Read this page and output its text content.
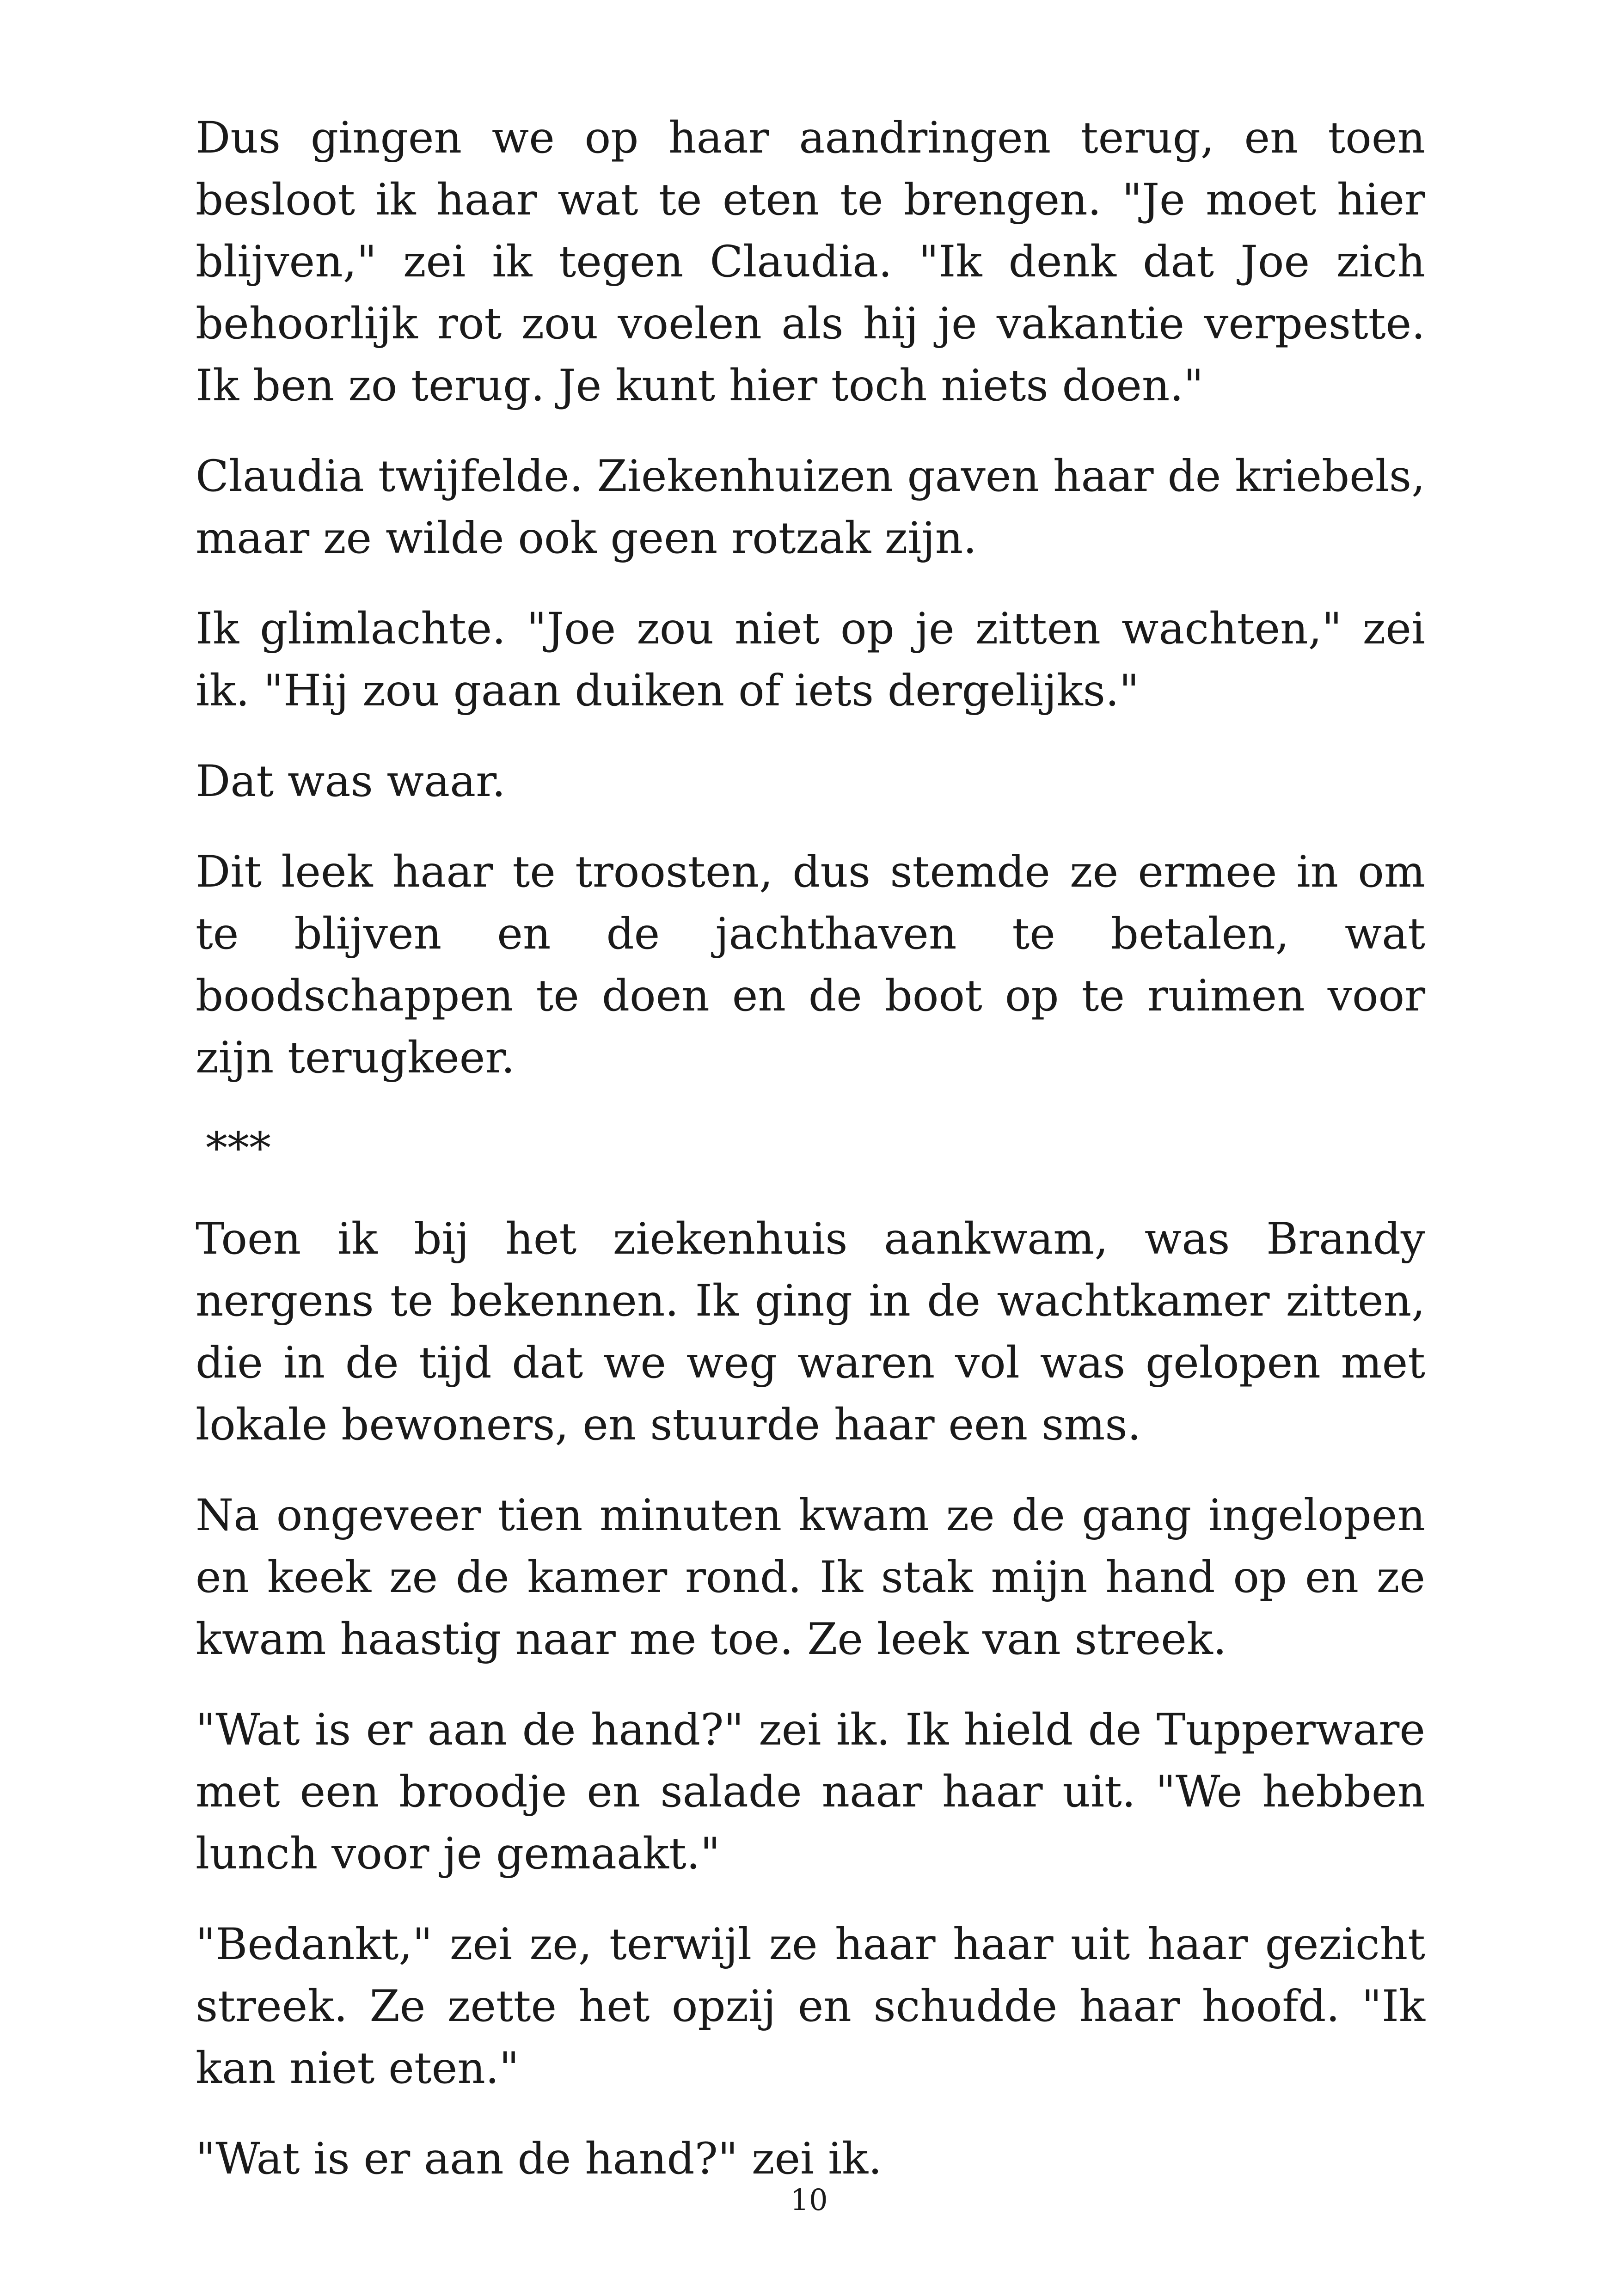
Dus gingen we op haar aandringen terug, en toen besloot ik haar wat te eten te brengen. "Je moet hier blijven," zei ik tegen Claudia. "Ik denk dat Joe zich behoorlijk rot zou voelen als hij je vakantie verpestte. Ik ben zo terug. Je kunt hier toch niets doen."

Claudia twijfelde. Ziekenhuizen gaven haar de kriebels, maar ze wilde ook geen rotzak zijn.

Ik glimlachte. "Joe zou niet op je zitten wachten," zei ik. "Hij zou gaan duiken of iets dergelijks."

Dat was waar.

Dit leek haar te troosten, dus stemde ze ermee in om te blijven en de jachthaven te betalen, wat boodschappen te doen en de boot op te ruimen voor zijn terugkeer.

***

Toen ik bij het ziekenhuis aankwam, was Brandy nergens te bekennen. Ik ging in de wachtkamer zitten, die in de tijd dat we weg waren vol was gelopen met lokale bewoners, en stuurde haar een sms.

Na ongeveer tien minuten kwam ze de gang ingelopen en keek ze de kamer rond. Ik stak mijn hand op en ze kwam haastig naar me toe. Ze leek van streek.

"Wat is er aan de hand?" zei ik. Ik hield de Tupperware met een broodje en salade naar haar uit. "We hebben lunch voor je gemaakt."

"Bedankt," zei ze, terwijl ze haar haar uit haar gezicht streek. Ze zette het opzij en schudde haar hoofd. "Ik kan niet eten."

"Wat is er aan de hand?" zei ik.

10
